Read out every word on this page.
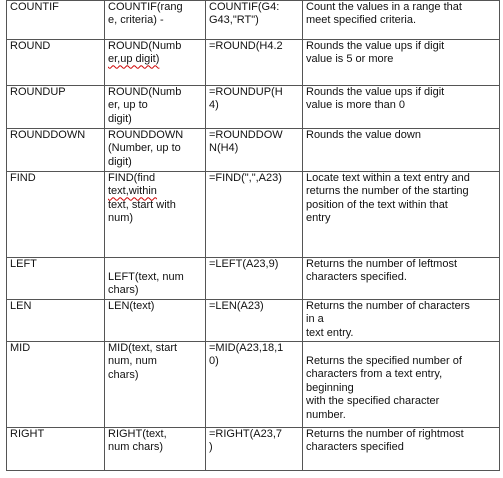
COUNTIF	COUNTIF(rang
e, criteria) -	COUNTIF(G4:
G43,"RT")	Count the values in a range that
meet specified criteria.
ROUND	ROUND(Numb
er,up digit)	=ROUND(H4.2	Rounds the value ups if digit
value is 5 or more
ROUNDUP	ROUND(Numb
er, up to
digit)	=ROUNDUP(H
4)	Rounds the value ups if digit
value is more than 0
ROUNDDOWN	ROUNDDOWN
(Number, up to
digit)	=ROUNDDOW
N(H4)	Rounds the value down
FIND	FIND(find
text,within
text, start with
num)	=FIND(",",A23)	Locate text within a text entry and
returns the number of the starting
position of the text within that
entry
LEFT	LEFT(text, num
chars)	=LEFT(A23,9)	Returns the number of leftmost
characters specified.
LEN	LEN(text)	=LEN(A23)	Returns the number of characters
in a
text entry.
MID	MID(text, start
num, num
chars)	=MID(A23,18,1
0)	Returns the specified number of
characters from a text entry,
beginning
with the specified character
number.
RIGHT	RIGHT(text,
num chars)	=RIGHT(A23,7
)	Returns the number of rightmost
characters specified
